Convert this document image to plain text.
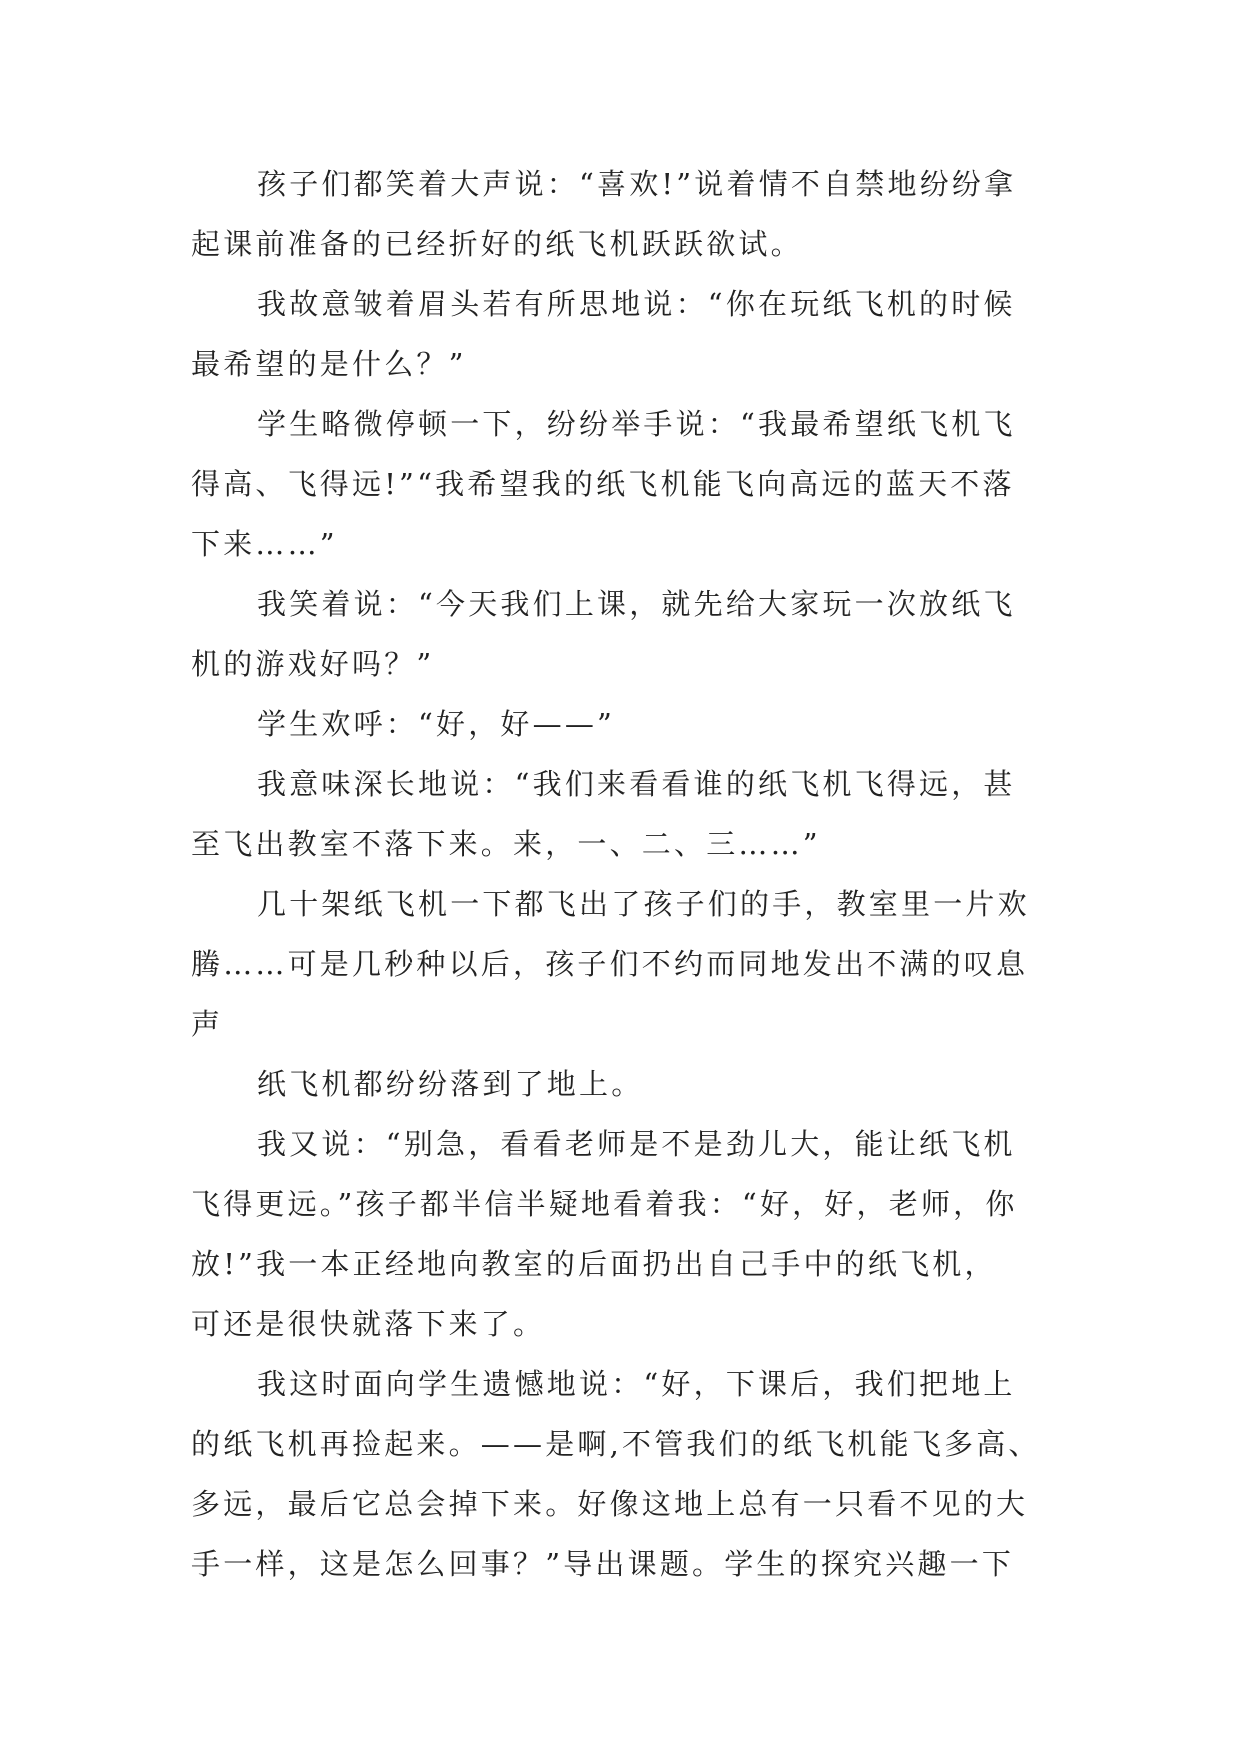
孩子们都笑着大声说：“喜欢!”说着情不自禁地纷纷拿
起课前准备的已经折好的纸飞机跃跃欲试。
我故意皱着眉头若有所思地说：“你在玩纸飞机的时候
最希望的是什么？”
学生略微停顿一下，纷纷举手说：“我最希望纸飞机飞
得高、飞得远!”“我希望我的纸飞机能飞向高远的蓝天不落
下来……”
我笑着说：“今天我们上课，就先给大家玩一次放纸飞
机的游戏好吗？”
学生欢呼：“好，好——”
我意味深长地说：“我们来看看谁的纸飞机飞得远，甚
至飞出教室不落下来。来，一、二、三……”
几十架纸飞机一下都飞出了孩子们的手，教室里一片欢
腾……可是几秒种以后，孩子们不约而同地发出不满的叹息
声
纸飞机都纷纷落到了地上。
我又说：“别急，看看老师是不是劲儿大，能让纸飞机
飞得更远。”孩子都半信半疑地看着我：“好，好，老师，你
放!”我一本正经地向教室的后面扔出自己手中的纸飞机，
可还是很快就落下来了。
我这时面向学生遗憾地说：“好，下课后，我们把地上
的纸飞机再捡起来。——是啊,不管我们的纸飞机能飞多高、
多远，最后它总会掉下来。好像这地上总有一只看不见的大
手一样，这是怎么回事？”导出课题。学生的探究兴趣一下
